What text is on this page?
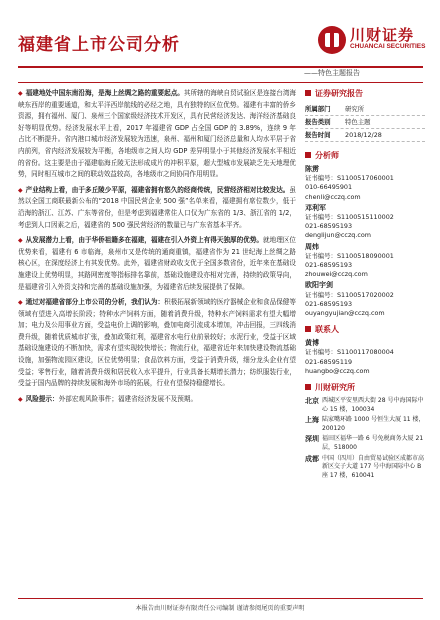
福建省上市公司分析	川财证券
CHUANCAI SECURITIES
——特色主题报告

◆ 福建地处中国东南沿海，是海上丝绸之路的重要起点。其所辖的海峡自贸试验区是连接台湾海峡东西岸的重要通道，和太平洋西岸航线的必经之地，具有独特的区位优势。福建有丰富的侨乡资源，拥有福州、厦门、泉州三个国家级经济技术开发区，具有民营经济发达、海洋经济基础良好等明显优势。经济发展水平上看，2017 年福建省 GDP 占全国 GDP 的 3.89%，连续 9 年占比不断提升。省内港口城市经济发展较为迅速，泉州、福州和厦门经济总量和人均水平居于省内前列，省内经济发展较为平衡，各地级市之间人均 GDP 差异明显小于其他经济发展水平相近的省份。这主要是由于福建临海丘陵无法形成成片的冲积平原，超大型城市发展缺乏先天地理优势，同时相互城市之间的联动效益较高，各地级市之间协同作用明显。

◆ 产业结构上看，由于多丘陵少平原，福建省拥有悠久的经商传统，民营经济相对比较发达。虽然以全国工商联最新公布的“2018 中国民营企业 500 强”名单来看，福建拥有席位数少，低于沿海的浙江、江苏、广东等省份，但是考虑到福建常住人口仅为广东省的 1/3、浙江省的 1/2，考虑到人口因素之后，福建省的 500 强民营经济的数量已与广东省基本平齐。

◆ 从发展潜力上看，由于华侨祖籍多在福建，福建在引入外资上有得天独厚的优势。就地理区位优势来看，福建有 6 市临海，泉州市又是传统的通商重镇，福建省作为 21 世纪海上丝绸之路核心区，在深度经济上有其发优势。此外，福建省财政收支优于全国多数省份，近年来在基础设施建设上优势明显，其路网密度等指标排名靠前，基础设施建设亦相对完善，持续的政策导向，是福建省引入外资支持和完善的基础设施加强，为福建省后续发展提供了保障。

◆ 通过对福建省部分上市公司的分析，我们认为：积极拓展新领域的医疗器械企业和食品保健等领域有望进入高增长阶段；特种水产饲料方面，随着消费升级，特种水产饲料需求有望大幅增加；电力及公用事业方面，受益电价上调的影响，叠加电商引流成本增加，冲击回报，三四线消费升级，随着优质城市扩张，叠加政策红利，福建省水电行业前景较好；水泥行业，受益于区域基础设施建设的不断加快，需求有望实现较快增长；物流行业，福建省近年来加快建设物流基础设施，加强物流园区建设，区位优势明显；食品饮料方面，受益于消费升级，细分龙头企业有望受益；零售行业，随着消费升级和居民收入水平提升，行业具备长期增长潜力；纺织服装行业，受益于国内品牌的持续发展和海外市场的拓展，行业有望保持稳健增长。

◆ 风险提示：外部宏观风险事件；福建省经济发展不及预期。

证券研究报告
所属部门	研究所
报告类别	特色主题
报告时间	2018/12/28
分析师
陈雳
证书编号：S1100517060001
010-66495901
chenli@cczq.com
邓利军
证书编号：S1100515110002
021-68595193
denglijun@cczq.com
周炜
证书编号：S1100518090001
021-68595193
zhouwei@cczq.com
欧阳宇剑
证书编号：S1100517020002
021-68595193
ouyangyujian@cczq.com
联系人
黄博
证书编号：S1100117080004
021-68595119
huangbo@cczq.com
川财研究所
北京 西城区平安里西大街 28 号中海国际中心 15 楼，100034
上海 陆家嘴环路 1000 号恒生大厦 11 楼，200120
深圳 福田区福华一路 6 号免税商务大厦 21 层，518000
成都 中国（四川）自由贸易试验区成都市高新区交子大道 177 号中海国际中心 B 座 17 楼，610041
本报告由川财证券有限责任公司编制 谨请参阅尾页的重要声明
